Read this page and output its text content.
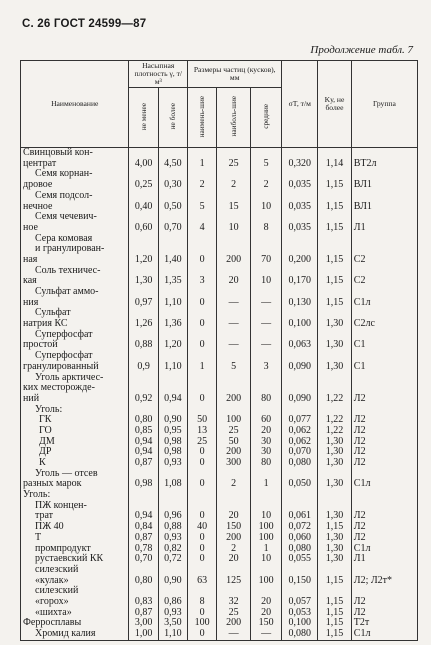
С. 26 ГОСТ 24599—87
Продолжение табл. 7
Наименование	Насыпная плотность γ, т/м³		Размеры частиц (кусков), мм			σT, т/м	Kу, не более	Группа
	не менее	не более	наимень-шие	наиболь-шие	средние			
Свинцовый кон-								
центрат	4,00	4,50	1	25	5	0,320	1,14	ВТ2л
Семя корнан-								
дровое	0,25	0,30	2	2	2	0,035	1,15	ВЛ1
Семя подсол-								
нечное	0,40	0,50	5	15	10	0,035	1,15	ВЛ1
Семя чечевич-								
ное	0,60	0,70	4	10	8	0,035	1,15	Л1
Сера комовая								
и гранулирован-								
ная	1,20	1,40	0	200	70	0,200	1,15	С2
Соль техничес-								
кая	1,30	1,35	3	20	10	0,170	1,15	С2
Сульфат аммо-								
ния	0,97	1,10	0	—	—	0,130	1,15	С1л
Сульфат								
натрия КС	1,26	1,36	0	—	—	0,100	1,30	С2лс
Суперфосфат								
простой	0,88	1,20	0	—	—	0,063	1,30	С1
Суперфосфат								
гранулированный	0,9	1,10	1	5	3	0,090	1,30	С1
Уголь арктичес-								
ких месторожде-								
ний	0,92	0,94	0	200	80	0,090	1,22	Л2
Уголь:								
ГК	0,80	0,90	50	100	60	0,077	1,22	Л2
ГО	0,85	0,95	13	25	20	0,062	1,22	Л2
ДМ	0,94	0,98	25	50	30	0,062	1,30	Л2
ДР	0,94	0,98	0	200	30	0,070	1,30	Л2
К	0,87	0,93	0	300	80	0,080	1,30	Л2
Уголь — отсев								
разных марок	0,98	1,08	0	2	1	0,050	1,30	С1л
Уголь:								
ПЖ концен-								
трат	0,94	0,96	0	20	10	0,061	1,30	Л2
ПЖ 40	0,84	0,88	40	150	100	0,072	1,15	Л2
Т	0,87	0,93	0	200	100	0,060	1,30	Л2
промпродукт	0,78	0,82	0	2	1	0,080	1,30	С1л
рустаевский КК	0,70	0,72	0	20	10	0,055	1,30	Л1
силезский								
«кулак»	0,80	0,90	63	125	100	0,150	1,15	Л2; Л2т*
силезский								
«горох»	0,83	0,86	8	32	20	0,057	1,15	Л2
«шихта»	0,87	0,93	0	25	20	0,053	1,15	Л2
Ферросплавы	3,00	3,50	100	200	150	0,100	1,15	Т2т
Хромид калия	1,00	1,10	0	—	—	0,080	1,15	С1л
